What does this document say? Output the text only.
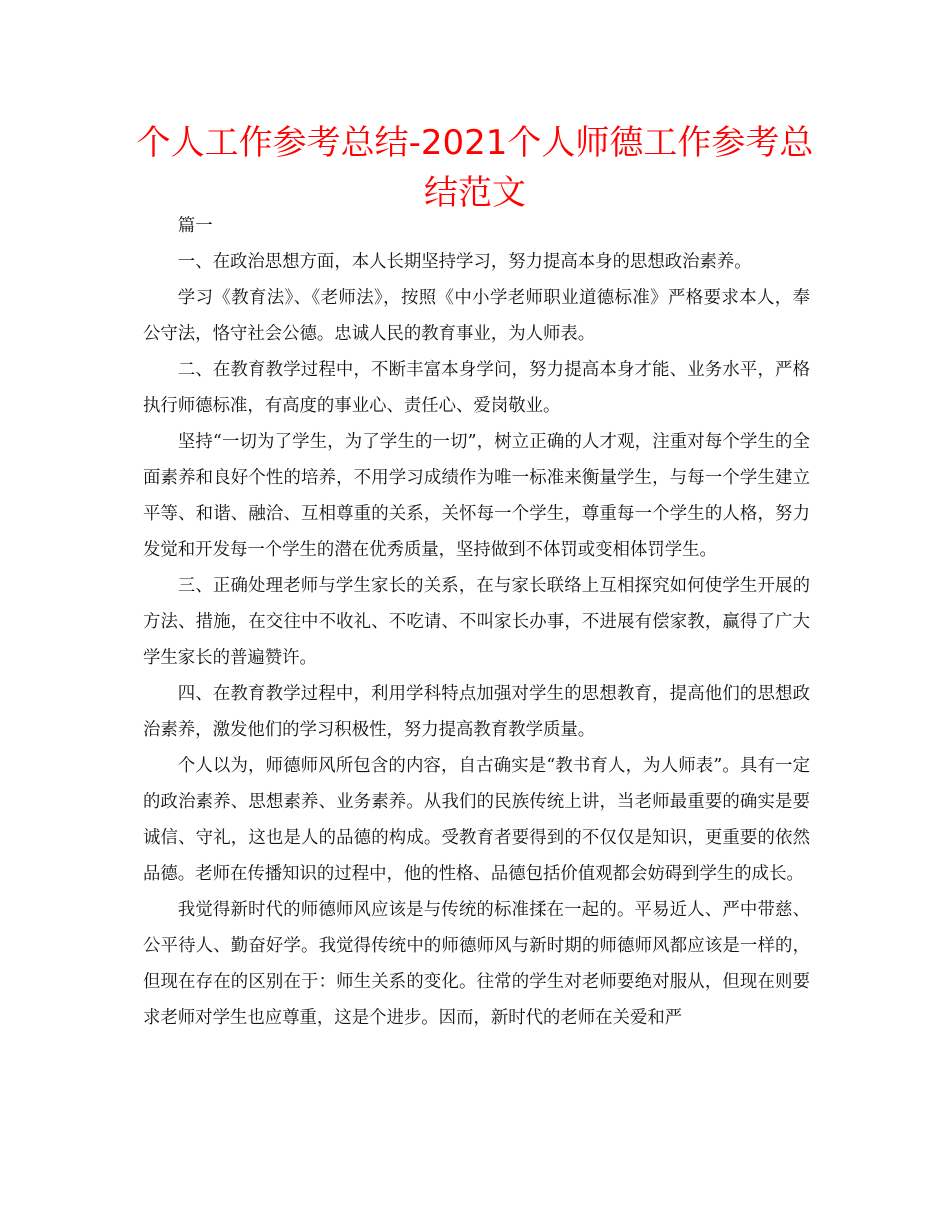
个人工作参考总结-2021个人师德工作参考总结范文

篇一

一、在政治思想方面，本人长期坚持学习，努力提高本身的思想政治素养。

学习《教育法》、《老师法》，按照《中小学老师职业道德标准》严格要求本人，奉公守法，恪守社会公德。忠诚人民的教育事业，为人师表。

二、在教育教学过程中，不断丰富本身学问，努力提高本身才能、业务水平，严格执行师德标准，有高度的事业心、责任心、爱岗敬业。

坚持“一切为了学生，为了学生的一切”，树立正确的人才观，注重对每个学生的全面素养和良好个性的培养，不用学习成绩作为唯一标准来衡量学生，与每一个学生建立平等、和谐、融洽、互相尊重的关系，关怀每一个学生，尊重每一个学生的人格，努力发觉和开发每一个学生的潜在优秀质量，坚持做到不体罚或变相体罚学生。

三、正确处理老师与学生家长的关系，在与家长联络上互相探究如何使学生开展的方法、措施，在交往中不收礼、不吃请、不叫家长办事，不进展有偿家教，赢得了广大学生家长的普遍赞许。

四、在教育教学过程中，利用学科特点加强对学生的思想教育，提高他们的思想政治素养，激发他们的学习积极性，努力提高教育教学质量。

个人以为，师德师风所包含的内容，自古确实是“教书育人，为人师表”。具有一定的政治素养、思想素养、业务素养。从我们的民族传统上讲，当老师最重要的确实是要诚信、守礼，这也是人的品德的构成。受教育者要得到的不仅仅是知识，更重要的依然品德。老师在传播知识的过程中，他的性格、品德包括价值观都会妨碍到学生的成长。

我觉得新时代的师德师风应该是与传统的标准揉在一起的。平易近人、严中带慈、公平待人、勤奋好学。我觉得传统中的师德师风与新时期的师德师风都应该是一样的，但现在存在的区别在于：师生关系的变化。往常的学生对老师要绝对服从，但现在则要求老师对学生也应尊重，这是个进步。因而，新时代的老师在关爱和严
